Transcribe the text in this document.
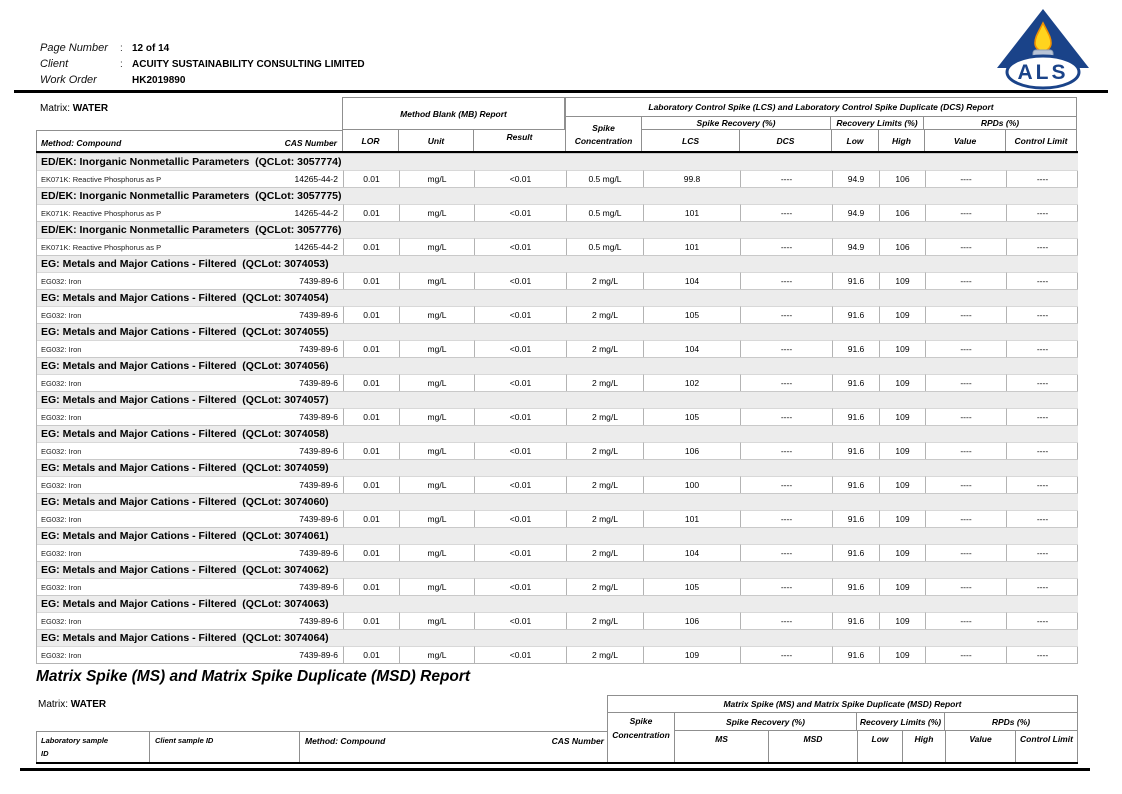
Page Number	: 12 of 14
Client	: ACUITY SUSTAINABILITY CONSULTING LIMITED
Work Order	HK2019890	ALS
Matrix: WATER	Method Blank (MB) Report
Laboratory Control Spike (LCS) and Laboratory Control Spike Duplicate (DCS) Report
Spike
Concentration
Spike Recovery (%)	Recovery Limits (%)	RPDs (%)
Method: Compound	CAS Number	LOR	Unit	Result	LCS	DCS	Low	High	Value	Control Limit
ED/EK: Inorganic Nonmetallic Parameters  (QCLot: 3057774)
EK071K: Reactive Phosphorus as P	14265-44-2	0.01	mg/L	<0.01	0.5 mg/L	99.8	----	94.9	106	----	----
ED/EK: Inorganic Nonmetallic Parameters  (QCLot: 3057775)
EK071K: Reactive Phosphorus as P	14265-44-2	0.01	mg/L	<0.01	0.5 mg/L	101	----	94.9	106	----	----
ED/EK: Inorganic Nonmetallic Parameters  (QCLot: 3057776)
EK071K: Reactive Phosphorus as P	14265-44-2	0.01	mg/L	<0.01	0.5 mg/L	101	----	94.9	106	----	----
EG: Metals and Major Cations - Filtered  (QCLot: 3074053)
EG032: Iron	7439-89-6	0.01	mg/L	<0.01	2 mg/L	104	----	91.6	109	----	----
EG: Metals and Major Cations - Filtered  (QCLot: 3074054)
EG032: Iron	7439-89-6	0.01	mg/L	<0.01	2 mg/L	105	----	91.6	109	----	----
EG: Metals and Major Cations - Filtered  (QCLot: 3074055)
EG032: Iron	7439-89-6	0.01	mg/L	<0.01	2 mg/L	104	----	91.6	109	----	----
EG: Metals and Major Cations - Filtered  (QCLot: 3074056)
EG032: Iron	7439-89-6	0.01	mg/L	<0.01	2 mg/L	102	----	91.6	109	----	----
EG: Metals and Major Cations - Filtered  (QCLot: 3074057)
EG032: Iron	7439-89-6	0.01	mg/L	<0.01	2 mg/L	105	----	91.6	109	----	----
EG: Metals and Major Cations - Filtered  (QCLot: 3074058)
EG032: Iron	7439-89-6	0.01	mg/L	<0.01	2 mg/L	106	----	91.6	109	----	----
EG: Metals and Major Cations - Filtered  (QCLot: 3074059)
EG032: Iron	7439-89-6	0.01	mg/L	<0.01	2 mg/L	100	----	91.6	109	----	----
EG: Metals and Major Cations - Filtered  (QCLot: 3074060)
EG032: Iron	7439-89-6	0.01	mg/L	<0.01	2 mg/L	101	----	91.6	109	----	----
EG: Metals and Major Cations - Filtered  (QCLot: 3074061)
EG032: Iron	7439-89-6	0.01	mg/L	<0.01	2 mg/L	104	----	91.6	109	----	----
EG: Metals and Major Cations - Filtered  (QCLot: 3074062)
EG032: Iron	7439-89-6	0.01	mg/L	<0.01	2 mg/L	105	----	91.6	109	----	----
EG: Metals and Major Cations - Filtered  (QCLot: 3074063)
EG032: Iron	7439-89-6	0.01	mg/L	<0.01	2 mg/L	106	----	91.6	109	----	----
EG: Metals and Major Cations - Filtered  (QCLot: 3074064)
EG032: Iron	7439-89-6	0.01	mg/L	<0.01	2 mg/L	109	----	91.6	109	----	----
Matrix Spike (MS) and Matrix Spike Duplicate (MSD) Report
Matrix: WATER	Matrix Spike (MS) and Matrix Spike Duplicate (MSD) Report
Spike
Concentration
Spike Recovery (%)	Recovery Limits (%)	RPDs (%)
Laboratory sample
ID
Client sample ID	Method: Compound	CAS Number	MS	MSD	Low	High	Value	Control Limit
